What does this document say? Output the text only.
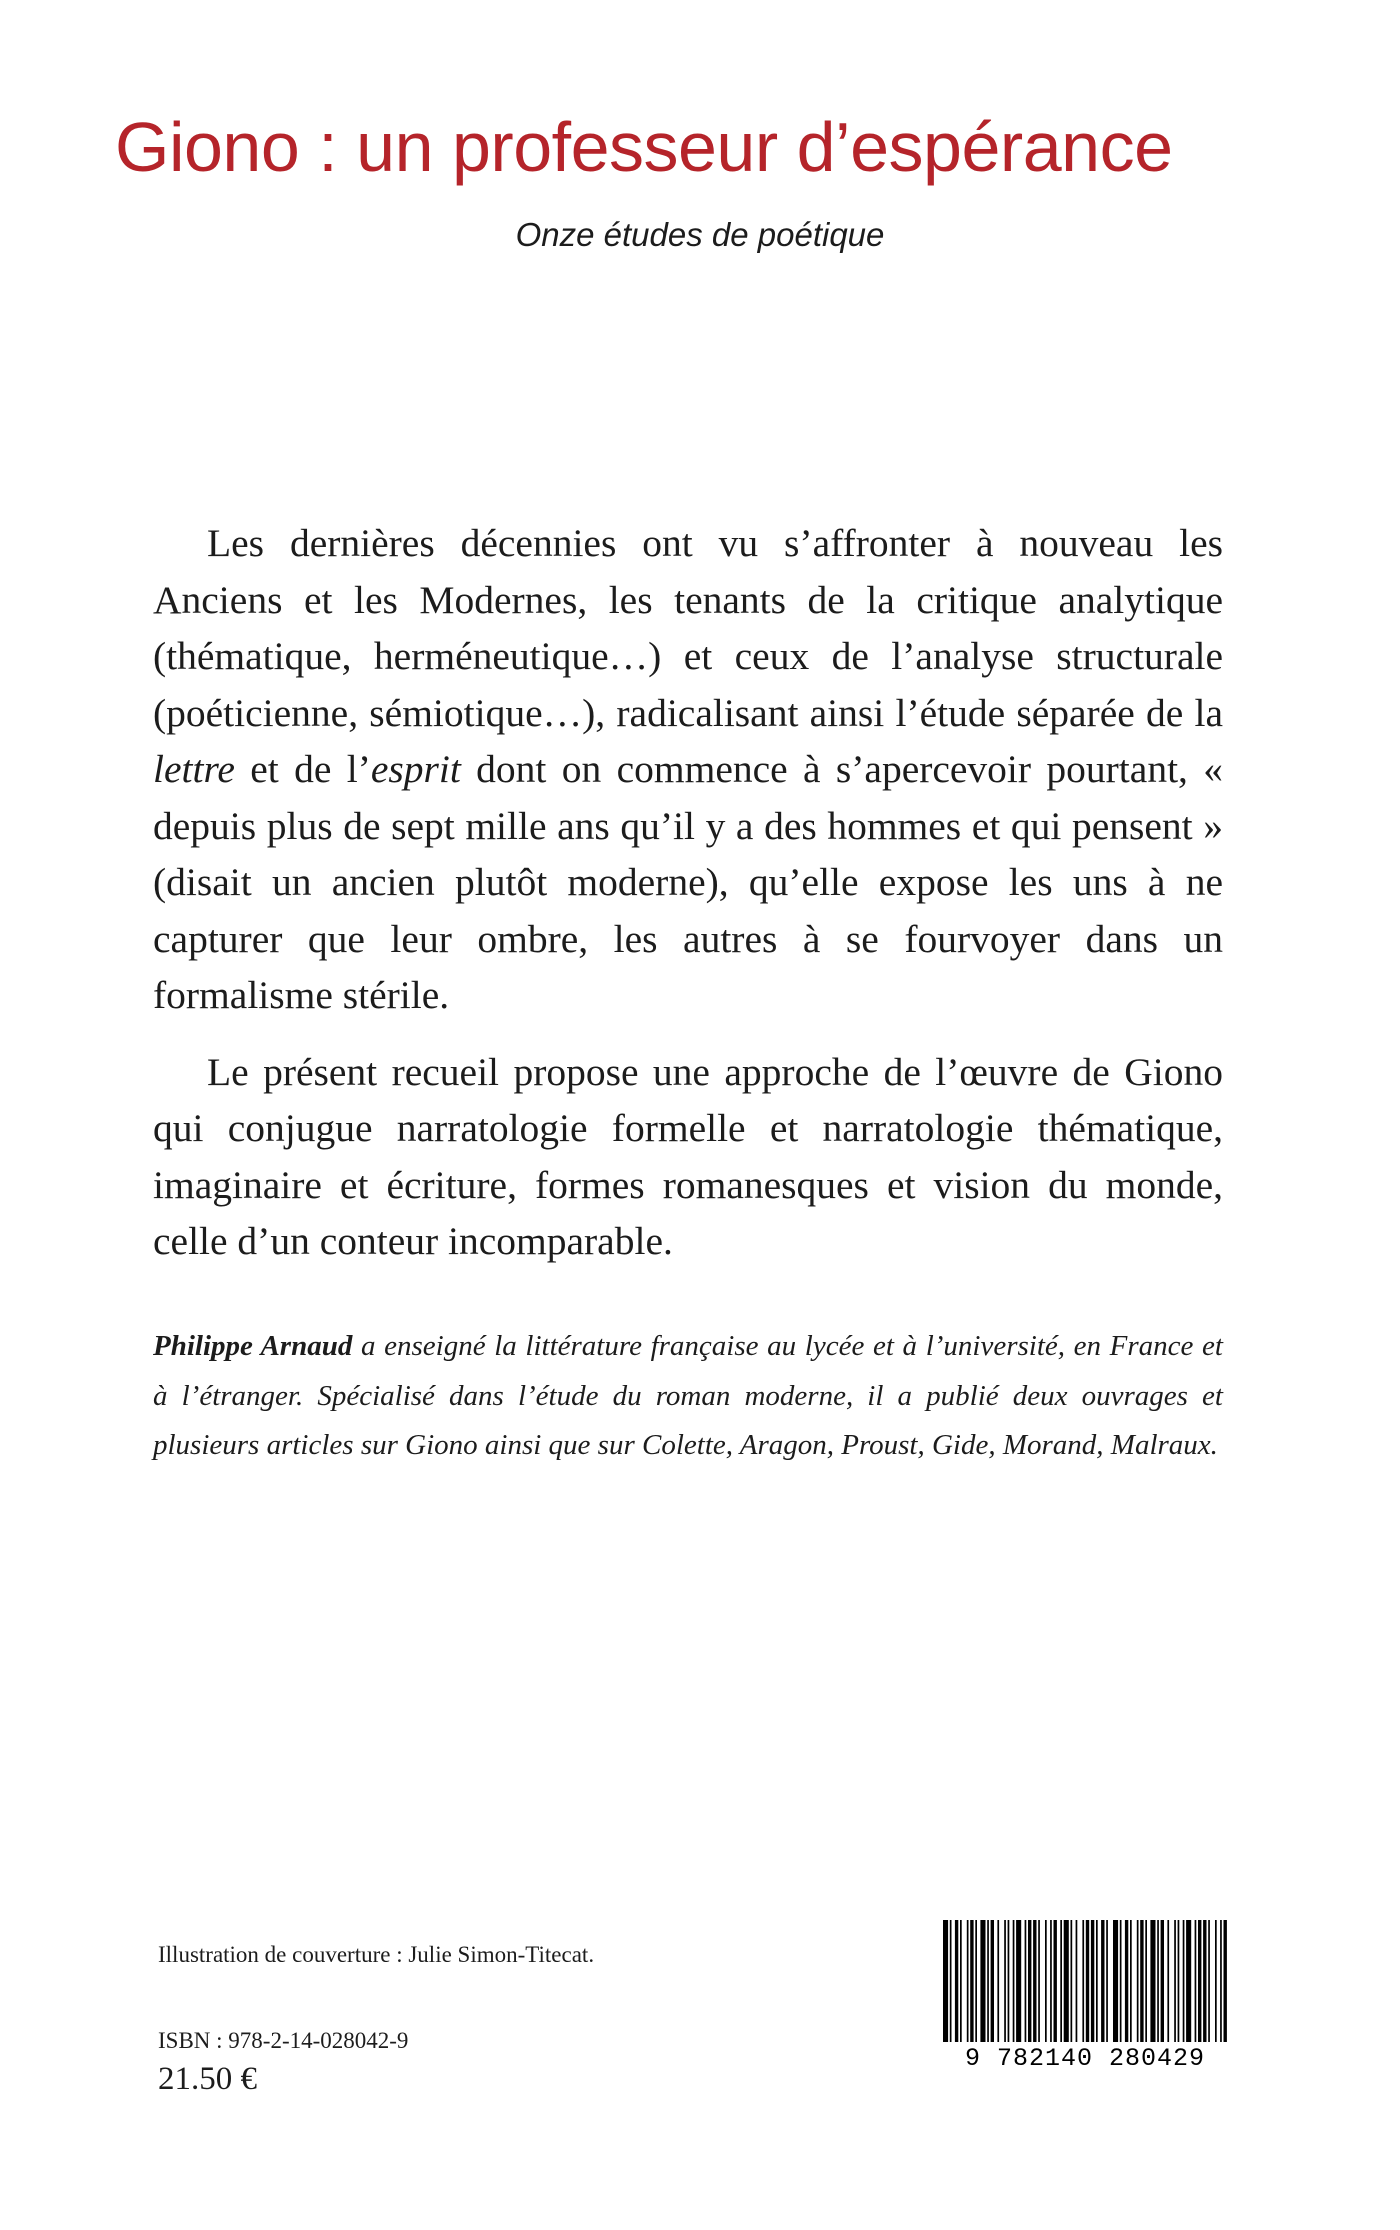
Giono : un professeur d’espérance

Onze études de poétique

Les dernières décennies ont vu s’affronter à nouveau les Anciens et les Modernes, les tenants de la critique analytique (thématique, herméneutique…) et ceux de l’analyse structurale (poéticienne, sémiotique…), radicalisant ainsi l’étude séparée de la lettre et de l’esprit dont on commence à s’apercevoir pourtant, « depuis plus de sept mille ans qu’il y a des hommes et qui pensent » (disait un ancien plutôt moderne), qu’elle expose les uns à ne capturer que leur ombre, les autres à se fourvoyer dans un formalisme stérile.

Le présent recueil propose une approche de l’œuvre de Giono qui conjugue narratologie formelle et narratologie thématique, imaginaire et écriture, formes romanesques et vision du monde, celle d’un conteur incomparable.

Philippe Arnaud a enseigné la littérature française au lycée et à l’université, en France et à l’étranger. Spécialisé dans l’étude du roman moderne, il a publié deux ouvrages et plusieurs articles sur Giono ainsi que sur Colette, Aragon, Proust, Gide, Morand, Malraux.

Illustration de couverture : Julie Simon-Titecat.

ISBN : 978-2-14-028042-9

21.50 €

9 782140 280429
